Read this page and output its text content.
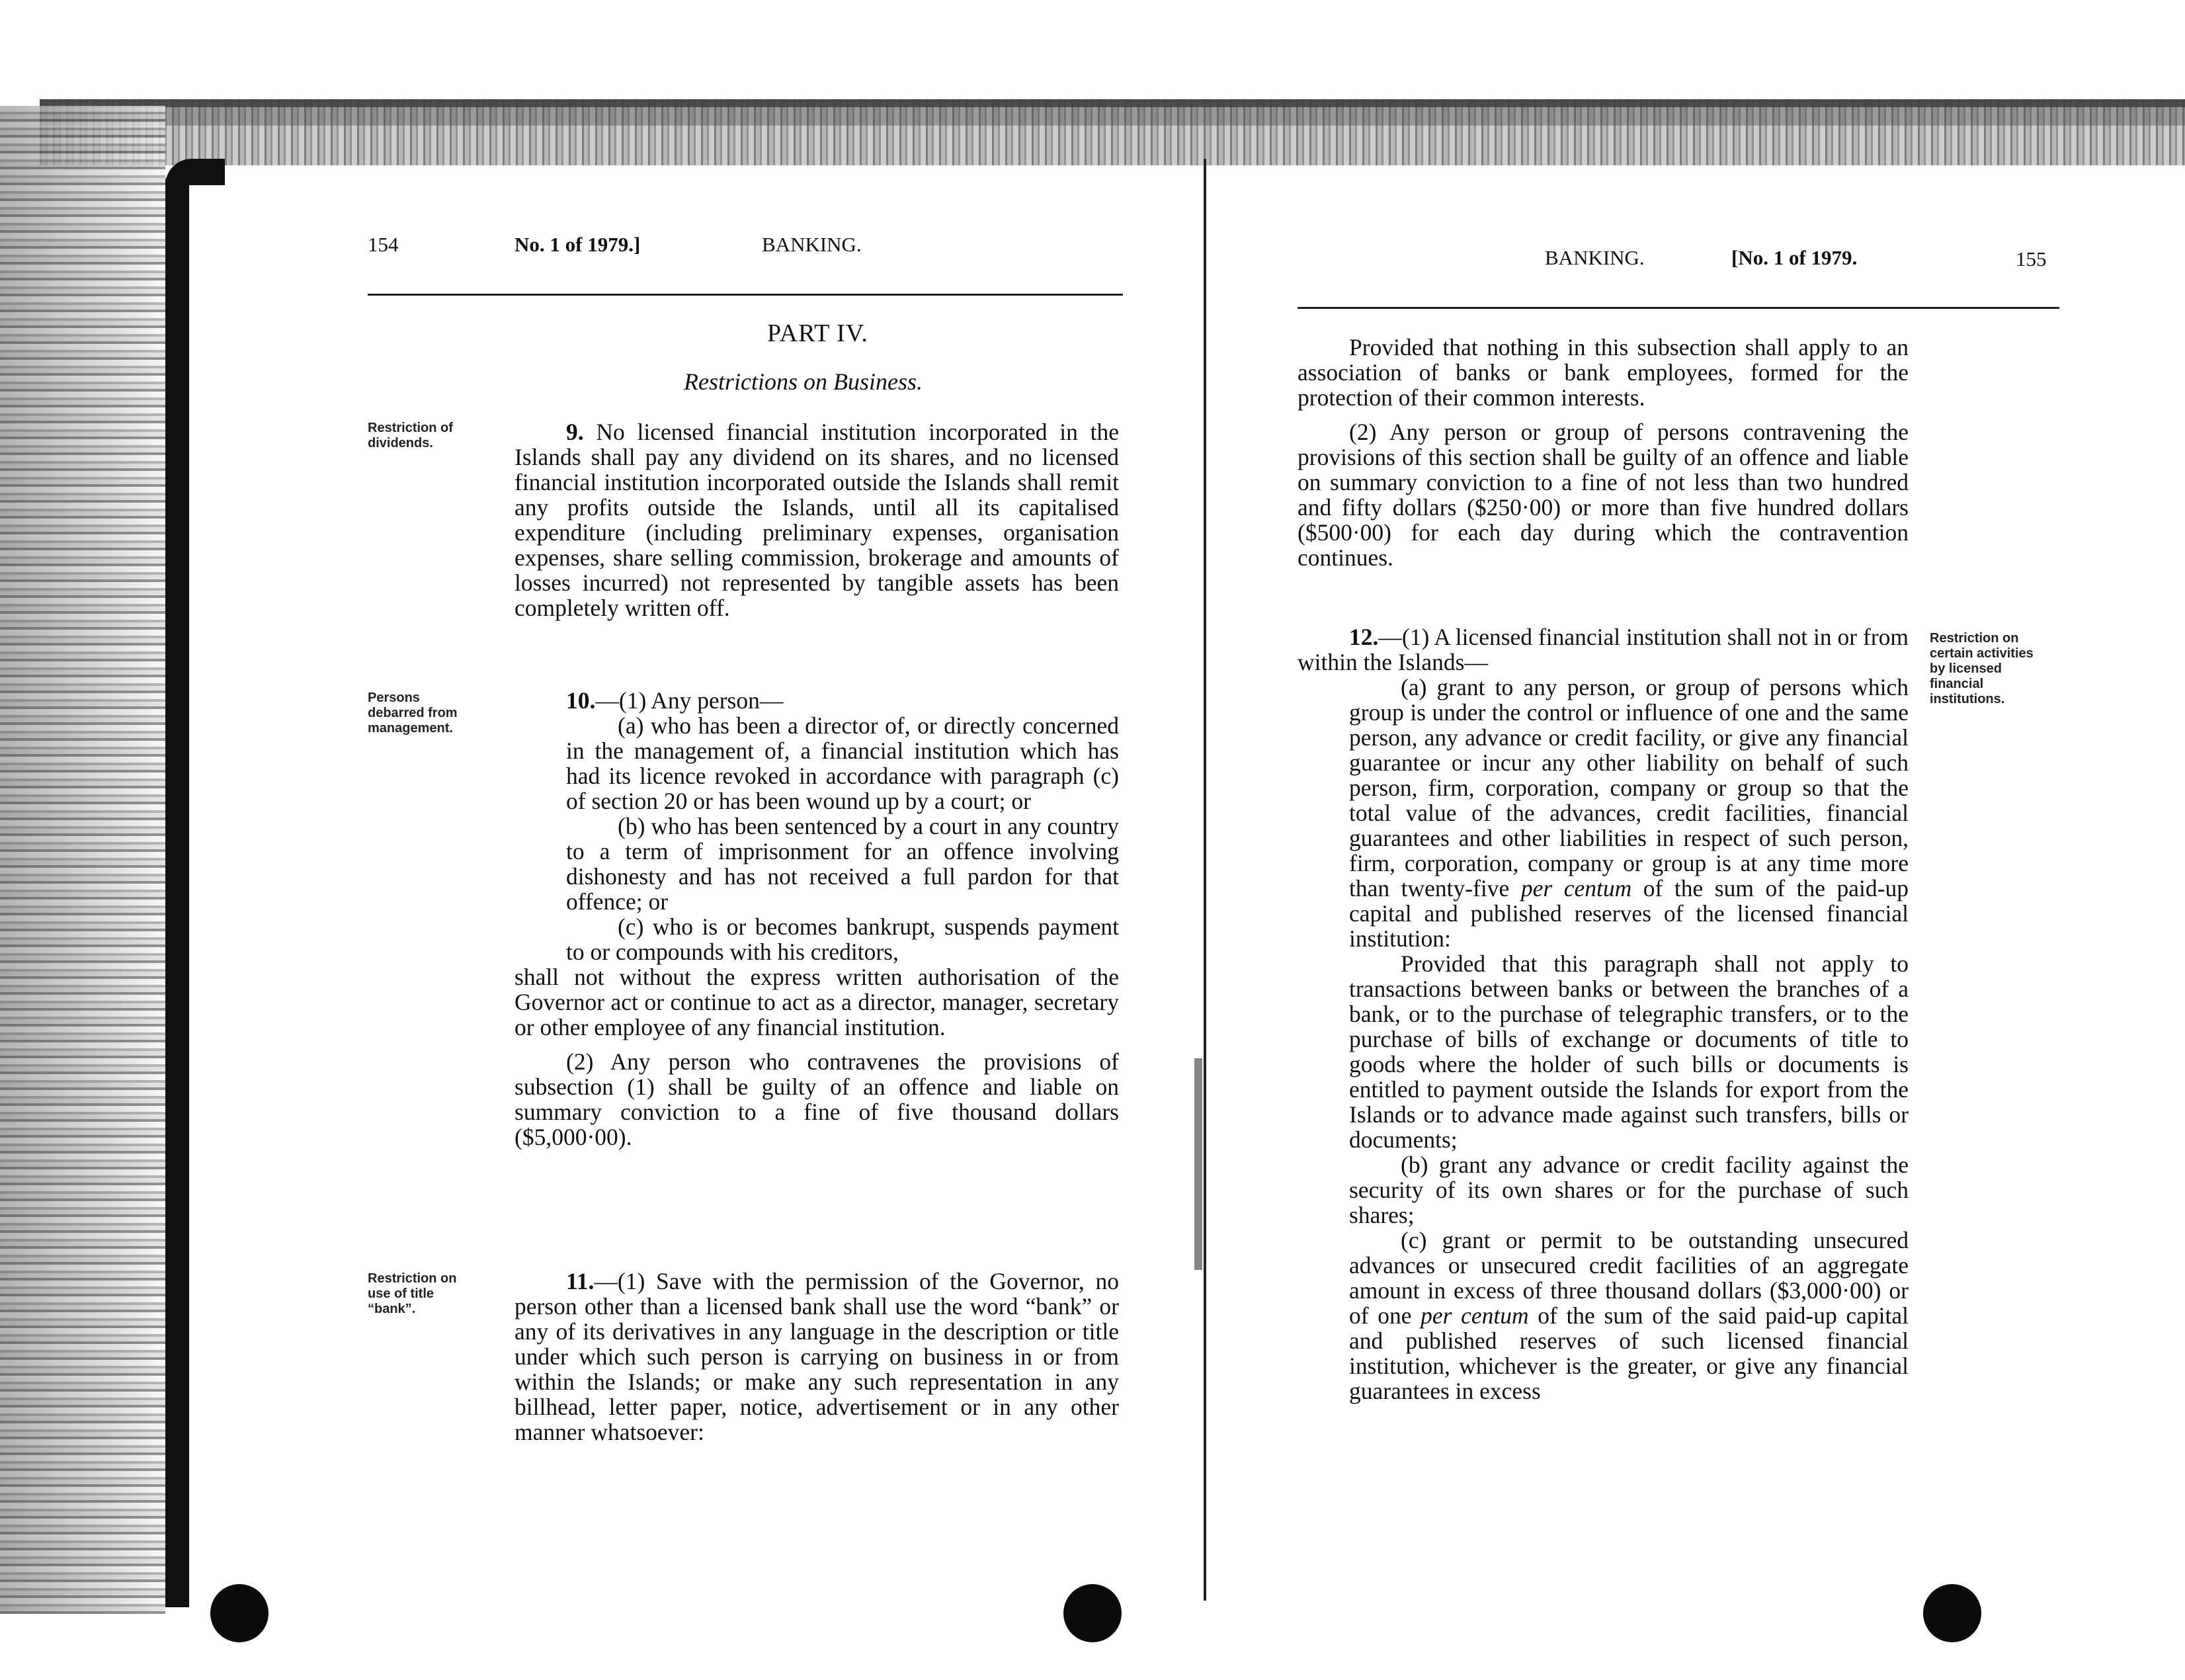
154	No. 1 of 1979.]	BANKING.
PART IV.
Restrictions on Business.
Restriction of dividends.
Persons debarred from management.
Restriction on use of title “bank”.

9. No licensed financial institution incorporated in the Islands shall pay any dividend on its shares, and no licensed financial institution incorporated outside the Islands shall remit any profits outside the Islands, until all its capitalised expenditure (including preliminary expenses, organisation expenses, share selling commission, brokerage and amounts of losses incurred) not represented by tangible assets has been completely written off.

10.—(1) Any person—

(a) who has been a director of, or directly concerned in the management of, a financial institution which has had its licence revoked in accordance with paragraph (c) of section 20 or has been wound up by a court; or

(b) who has been sentenced by a court in any country to a term of imprisonment for an offence involving dishonesty and has not received a full pardon for that offence; or

(c) who is or becomes bankrupt, suspends payment to or compounds with his creditors,

shall not without the express written authorisation of the Governor act or continue to act as a director, manager, secretary or other employee of any financial institution.

(2) Any person who contravenes the provisions of subsection (1) shall be guilty of an offence and liable on summary conviction to a fine of five thousand dollars ($5,000·00).

11.—(1) Save with the permission of the Governor, no person other than a licensed bank shall use the word “bank” or any of its derivatives in any language in the description or title under which such person is carrying on business in or from within the Islands; or make any such representation in any billhead, letter paper, notice, advertisement or in any other manner whatsoever:

BANKING.	[No. 1 of 1979.	155
Restriction on certain activities by licensed financial institutions.

Provided that nothing in this subsection shall apply to an association of banks or bank employees, formed for the protection of their common interests.

(2) Any person or group of persons contravening the provisions of this section shall be guilty of an offence and liable on summary conviction to a fine of not less than two hundred and fifty dollars ($250·00) or more than five hundred dollars ($500·00) for each day during which the contravention continues.

12.—(1) A licensed financial institution shall not in or from within the Islands—

(a) grant to any person, or group of persons which group is under the control or influence of one and the same person, any advance or credit facility, or give any financial guarantee or incur any other liability on behalf of such person, firm, corporation, company or group so that the total value of the advances, credit facilities, financial guarantees and other liabilities in respect of such person, firm, corporation, company or group is at any time more than twenty-five per centum of the sum of the paid-up capital and published reserves of the licensed financial institution:

Provided that this paragraph shall not apply to transactions between banks or between the branches of a bank, or to the purchase of telegraphic transfers, or to the purchase of bills of exchange or documents of title to goods where the holder of such bills or documents is entitled to payment outside the Islands for export from the Islands or to advance made against such transfers, bills or documents;

(b) grant any advance or credit facility against the security of its own shares or for the purchase of such shares;

(c) grant or permit to be outstanding unsecured advances or unsecured credit facilities of an aggregate amount in excess of three thousand dollars ($3,000·00) or of one per centum of the sum of the said paid-up capital and published reserves of such licensed financial institution, whichever is the greater, or give any financial guarantees in excess
